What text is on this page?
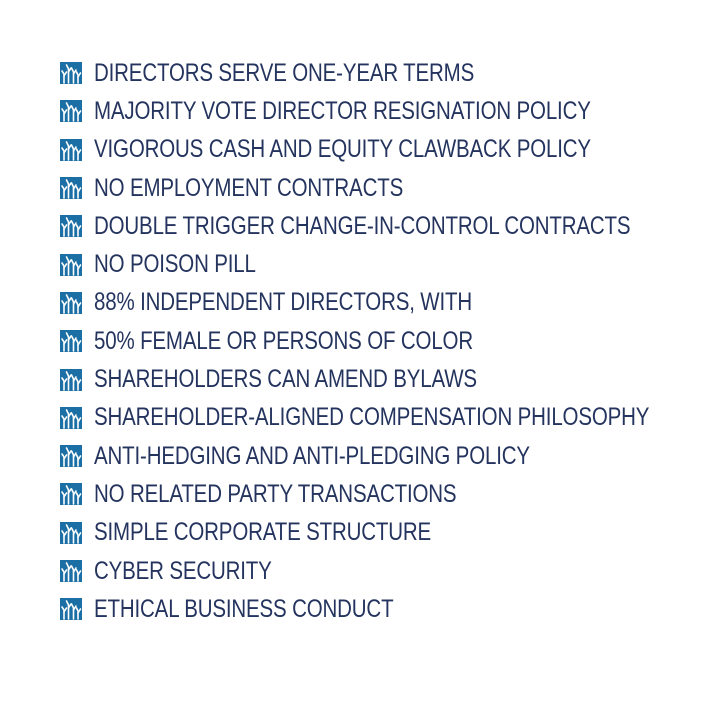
DIRECTORS SERVE ONE-YEAR TERMS
MAJORITY VOTE DIRECTOR RESIGNATION POLICY
VIGOROUS CASH AND EQUITY CLAWBACK POLICY
NO EMPLOYMENT CONTRACTS
DOUBLE TRIGGER CHANGE-IN-CONTROL CONTRACTS
NO POISON PILL
88% INDEPENDENT DIRECTORS, WITH
50% FEMALE OR PERSONS OF COLOR
SHAREHOLDERS CAN AMEND BYLAWS
SHAREHOLDER-ALIGNED COMPENSATION PHILOSOPHY
ANTI-HEDGING AND ANTI-PLEDGING POLICY
NO RELATED PARTY TRANSACTIONS
SIMPLE CORPORATE STRUCTURE
CYBER SECURITY
ETHICAL BUSINESS CONDUCT
